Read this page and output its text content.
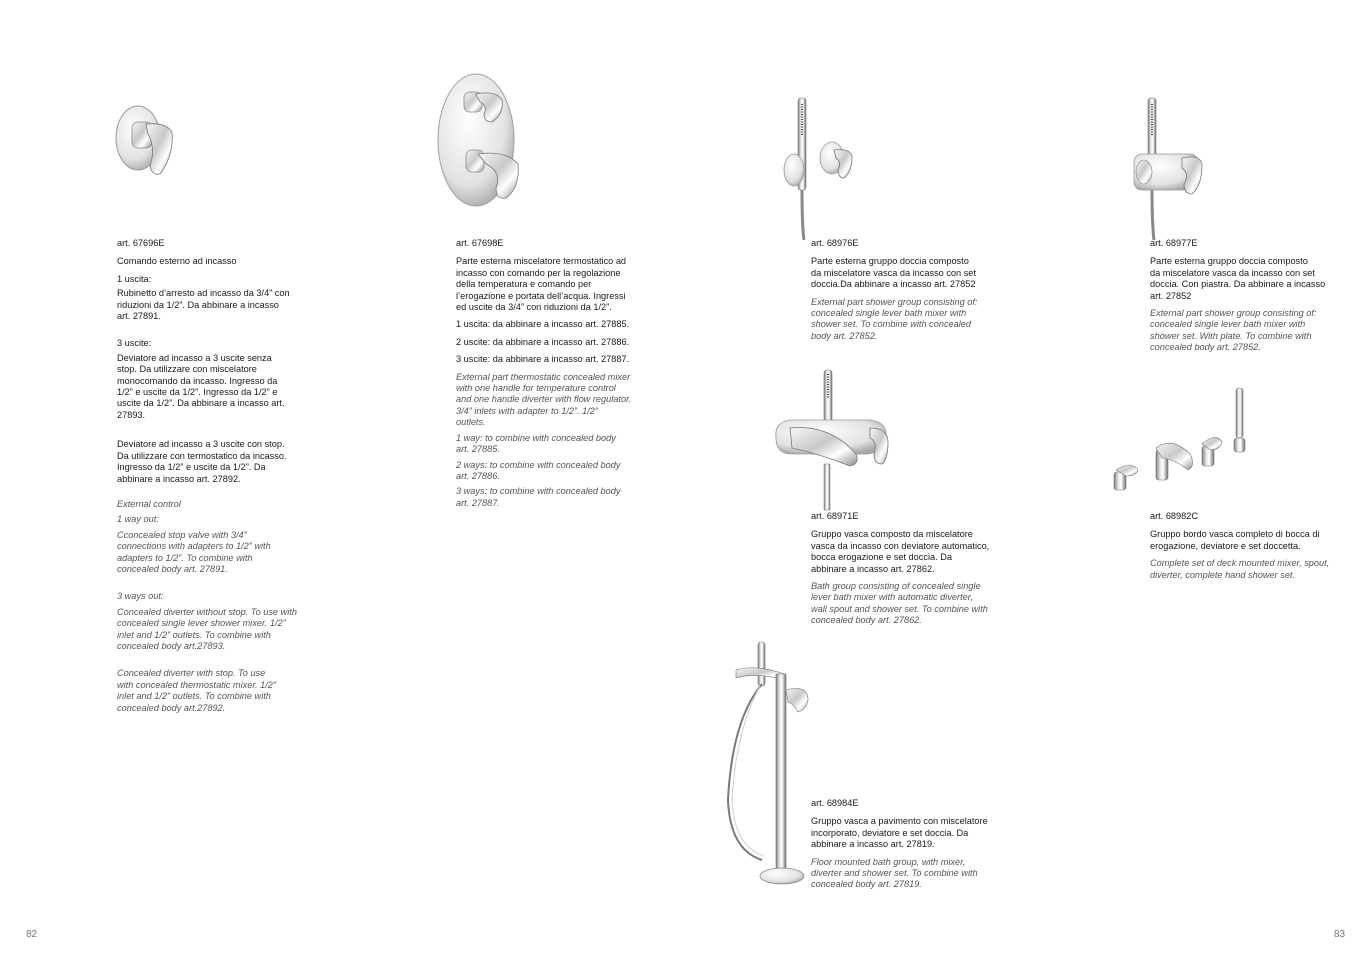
art. 67696E
Comando esterno ad incasso
1 uscita:
Rubinetto d’arresto ad incasso da 3/4” con
riduzioni da 1/2”. Da abbinare a incasso
art. 27891.
3 uscite:
Deviatore ad incasso a 3 uscite senza
stop. Da utilizzare con miscelatore
monocomando da incasso. Ingresso da
1/2” e uscite da 1/2”. Ingresso da 1/2” e
uscite da 1/2”. Da abbinare a incasso art.
27893.
Deviatore ad incasso a 3 uscite con stop.
Da utilizzare con termostatico da incasso.
Ingresso da 1/2” e uscite da 1/2”. Da
abbinare a incasso art. 27892.
External control
1 way out:
Cconcealed stop valve with 3/4”
connections with adapters to 1/2” with
adapters to 1/2”. To combine with
concealed body art. 27891.
3 ways out:
Concealed diverter without stop. To use with
concealed single lever shower mixer. 1/2”
inlet and 1/2” outlets. To combine with
concealed body art.27893.
Concealed diverter with stop. To use
with concealed thermostatic mixer. 1/2”
inlet and 1/2” outlets. To combine with
concealed body art.27892.
art. 67698E
Parte esterna miscelatore termostatico ad
incasso con comando per la regolazione
della temperatura e comando per
l’erogazione e portata dell’acqua. Ingressi
ed uscite da 3/4” con riduzioni da 1/2”.
1 uscita: da abbinare a incasso art. 27885.
2 uscite: da abbinare a incasso art. 27886.
3 uscite: da abbinare a incasso art. 27887.
External part thermostatic concealed mixer
with one handle for temperature control
and one handle diverter with flow regulator.
3/4” inlets with adapter to 1/2”. 1/2”
outlets.
1 way: to combine with concealed body
art. 27885.
2 ways: to combine with concealed body
art. 27886.
3 ways: to combine with concealed body
art. 27887.
art. 68976E
Parte esterna gruppo doccia composto
da miscelatore vasca da incasso con set
doccia.Da abbinare a incasso art. 27852
External part shower group consisting of:
concealed single lever bath mixer with
shower set. To combine with concealed
body art. 27852.
art. 68977E
Parte esterna gruppo doccia composto
da miscelatore vasca da incasso con set
doccia. Con piastra. Da abbinare a incasso
art. 27852
External part shower group consisting of:
concealed single lever bath mixer with
shower set. With plate. To combine with
concealed body art. 27852.
art. 68971E
Gruppo vasca composto da miscelatore
vasca da incasso con deviatore automatico,
bocca erogazione e set doccia. Da
abbinare a incasso art. 27862.
Bath group consisting of concealed single
lever bath mixer with automatic diverter,
wall spout and shower set. To combine with
concealed body art. 27862.
art. 68982C
Gruppo bordo vasca completo di bocca di
erogazione, deviatore e set doccetta.
Complete set of deck mounted mixer, spout,
diverter, complete hand shower set.
art. 68984E
Gruppo vasca a pavimento con miscelatore
incorporato, deviatore e set doccia. Da
abbinare a incasso art. 27819.
Floor mounted bath group, with mixer,
diverter and shower set. To combine with
concealed body art. 27819.
82	83
